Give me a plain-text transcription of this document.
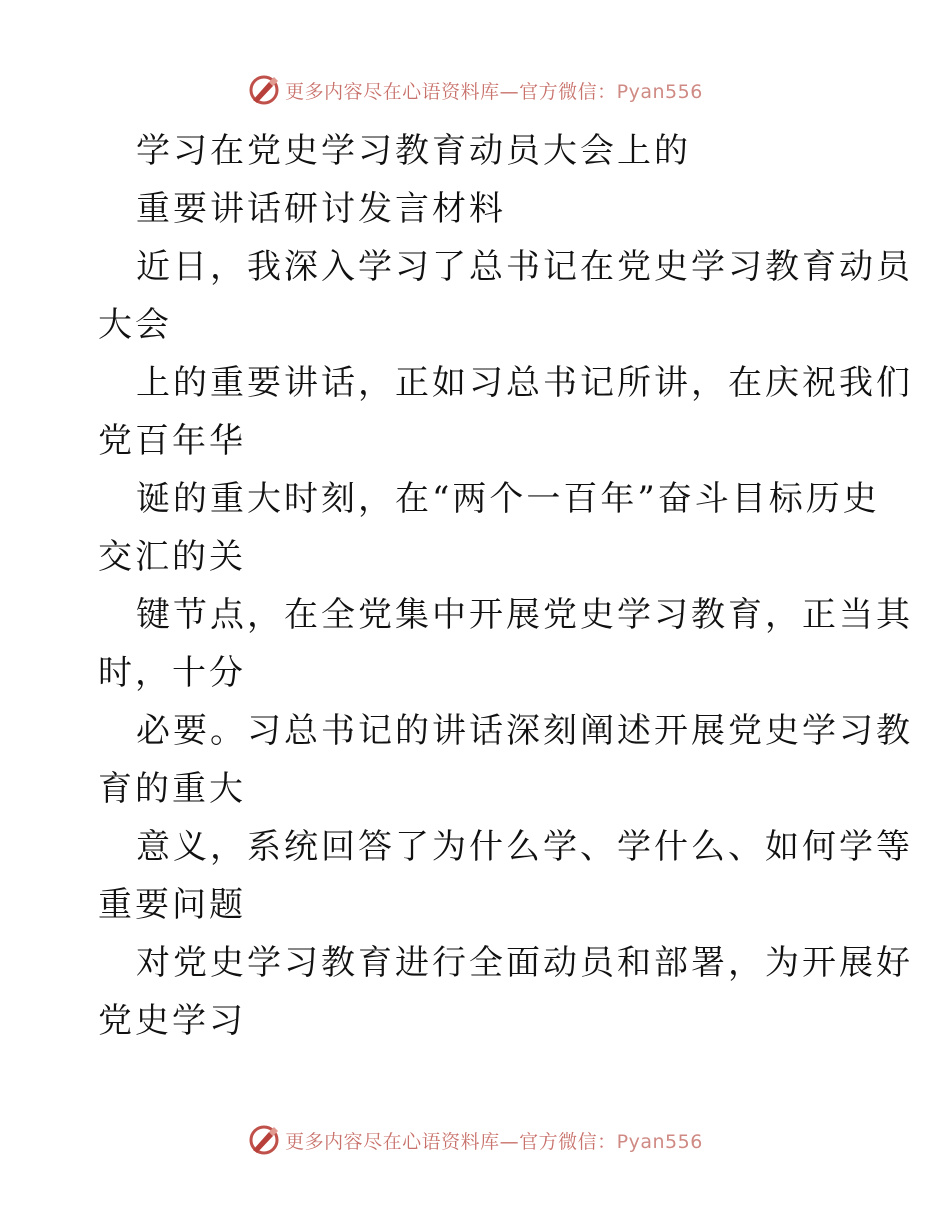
更多内容尽在心语资料库—官方微信：Pyan556
学习在党史学习教育动员大会上的
重要讲话研讨发言材料
近日，我深入学习了总书记在党史学习教育动员
大会
上的重要讲话，正如习总书记所讲，在庆祝我们
党百年华
诞的重大时刻，在“两个一百年”奋斗目标历史
交汇的关
键节点，在全党集中开展党史学习教育，正当其
时，十分
必要。习总书记的讲话深刻阐述开展党史学习教
育的重大
意义，系统回答了为什么学、学什么、如何学等
重要问题
对党史学习教育进行全面动员和部署，为开展好
党史学习
更多内容尽在心语资料库—官方微信：Pyan556
